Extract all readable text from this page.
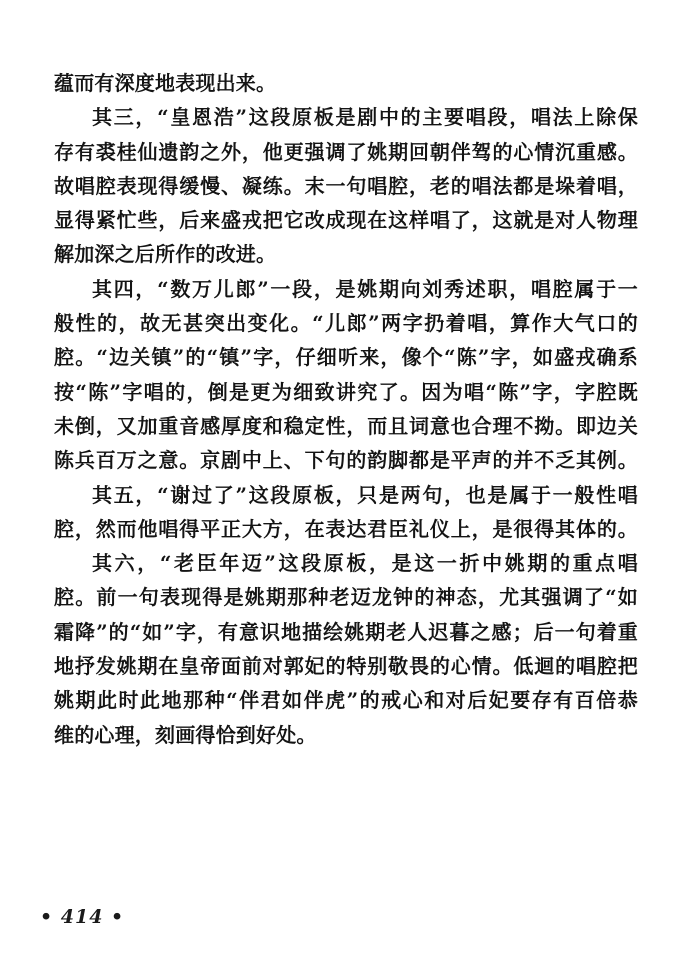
蕴而有深度地表现出来。
其三，“皇恩浩”这段原板是剧中的主要唱段，唱法上除保
存有裘桂仙遗韵之外，他更强调了姚期回朝伴驾的心情沉重感。
故唱腔表现得缓慢、凝练。末一句唱腔，老的唱法都是垛着唱，
显得紧忙些，后来盛戎把它改成现在这样唱了，这就是对人物理
解加深之后所作的改进。
其四，“数万儿郎”一段，是姚期向刘秀述职，唱腔属于一
般性的，故无甚突出变化。“儿郎”两字扔着唱，算作大气口的
腔。“边关镇”的“镇”字，仔细听来，像个“陈”字，如盛戎确系
按“陈”字唱的，倒是更为细致讲究了。因为唱“陈”字，字腔既
未倒，又加重音感厚度和稳定性，而且词意也合理不拗。即边关
陈兵百万之意。京剧中上、下句的韵脚都是平声的并不乏其例。
其五，“谢过了”这段原板，只是两句，也是属于一般性唱
腔，然而他唱得平正大方，在表达君臣礼仪上，是很得其体的。
其六，“老臣年迈”这段原板，是这一折中姚期的重点唱
腔。前一句表现得是姚期那种老迈龙钟的神态，尤其强调了“如
霜降”的“如”字，有意识地描绘姚期老人迟暮之感；后一句着重
地抒发姚期在皇帝面前对郭妃的特别敬畏的心情。低迴的唱腔把
姚期此时此地那种“伴君如伴虎”的戒心和对后妃要存有百倍恭
维的心理，刻画得恰到好处。
• 414 •
